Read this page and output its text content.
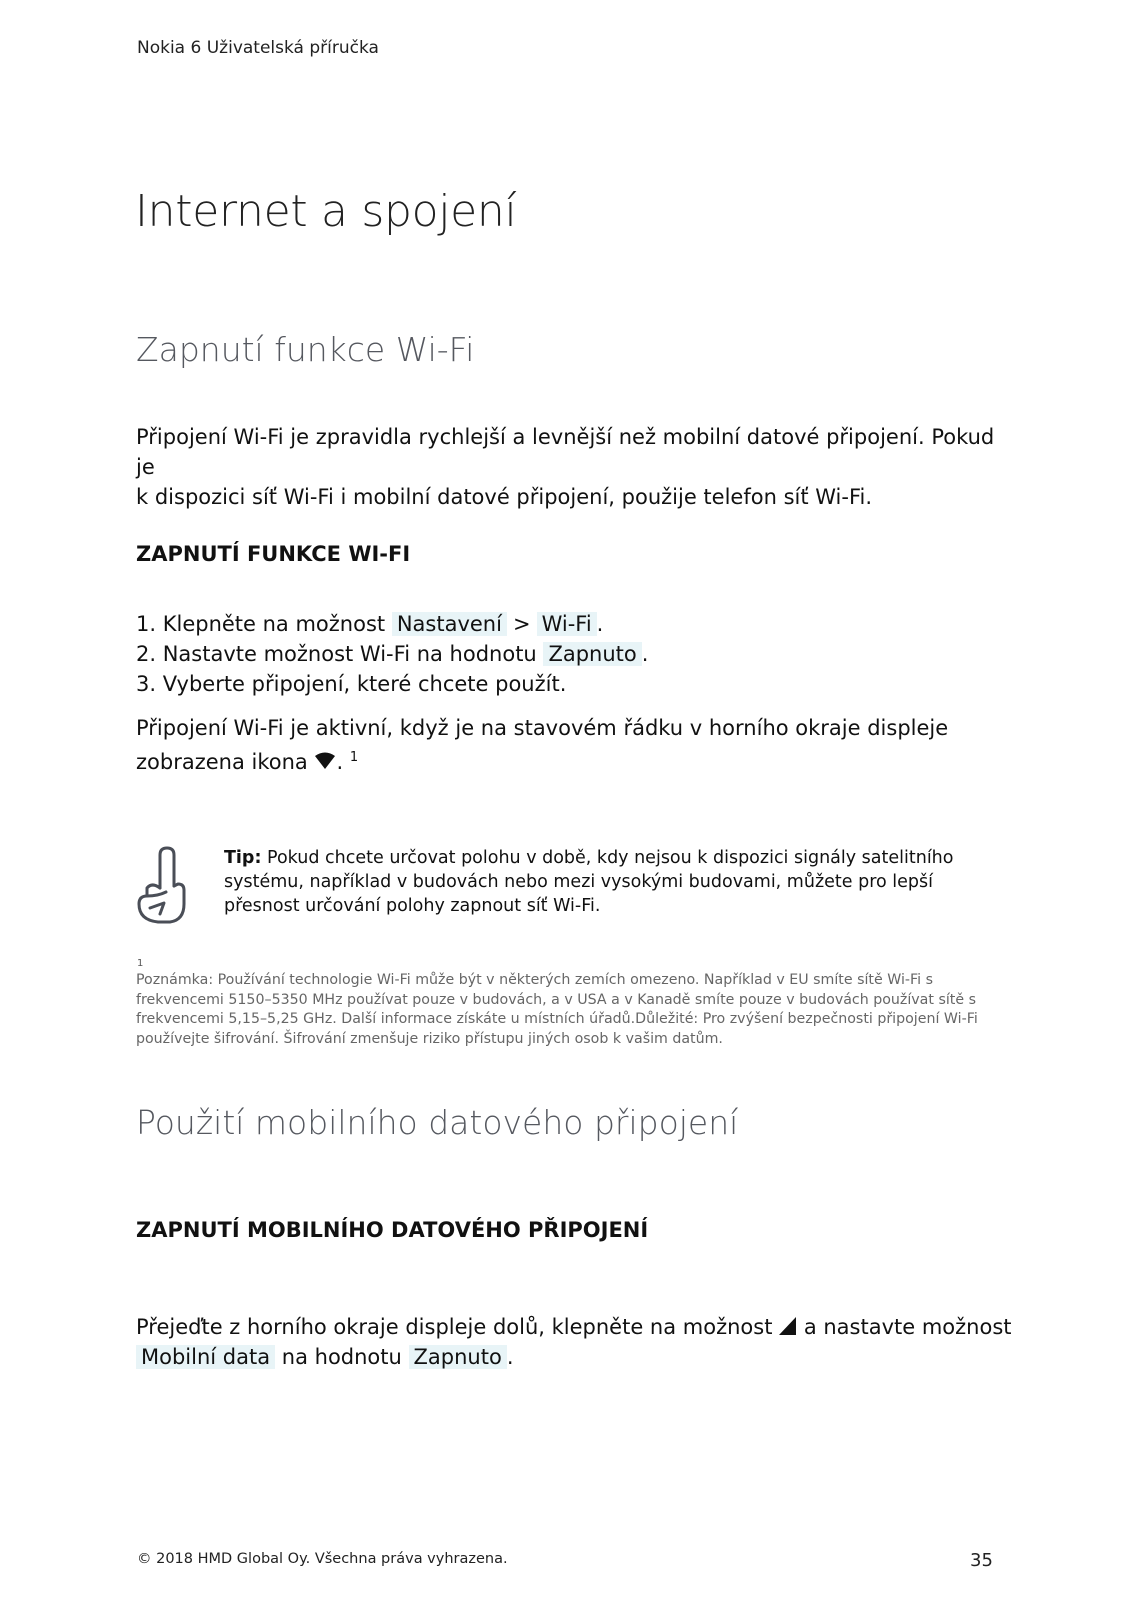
Nokia 6 Uživatelská příručka
Internet a spojení
Zapnutí funkce Wi-Fi
Připojení Wi-Fi je zpravidla rychlejší a levnější než mobilní datové připojení. Pokud je
k dispozici síť Wi-Fi i mobilní datové připojení, použije telefon síť Wi-Fi.
ZAPNUTÍ FUNKCE WI-FI
1. Klepněte na možnost Nastavení > Wi-Fi .
2. Nastavte možnost Wi-Fi na hodnotu Zapnuto .
3. Vyberte připojení, které chcete použít.
Připojení Wi-Fi je aktivní, když je na stavovém řádku v horního okraje displeje
zobrazena ikona . $^1$
Tip: Pokud chcete určovat polohu v době, kdy nejsou k dispozici signály satelitního systému, například v budovách nebo mezi vysokými budovami, můžete pro lepší přesnost určování polohy zapnout síť Wi-Fi.
1
Poznámka: Používání technologie Wi-Fi může být v některých zemích omezeno. Například v EU smíte sítě Wi-Fi s frekvencemi 5150–5350 MHz používat pouze v budovách, a v USA a v Kanadě smíte pouze v budovách používat sítě s frekvencemi 5,15–5,25 GHz. Další informace získáte u místních úřadů.Důležité: Pro zvýšení bezpečnosti připojení Wi-Fi používejte šifrování. Šifrování zmenšuje riziko přístupu jiných osob k vašim datům.
Použití mobilního datového připojení
ZAPNUTÍ MOBILNÍHO DATOVÉHO PŘIPOJENÍ
Přejeďte z horního okraje displeje dolů, klepněte na možnost a nastavte možnost
Mobilní data na hodnotu Zapnuto .
© 2018 HMD Global Oy. Všechna práva vyhrazena.	35
